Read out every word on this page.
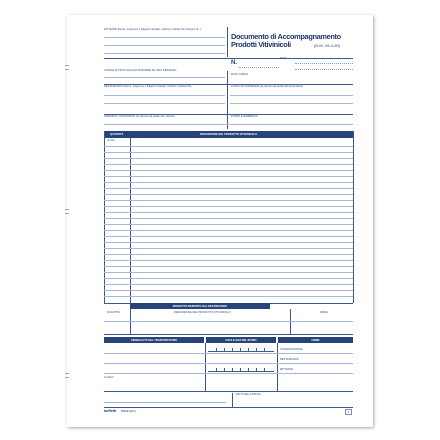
MITTENTE (Nome, Cognome o Ragione Sociale, Indirizzo, Partita IVA, Numero di...)
Documento di Accompagnamento
Prodotti Vitivinicoli	(D.M. 19-4-90)
N.
DATA
CODICE DI TIPOLOGIA (DA SCRIVERE SE VINO INDIGENA)
DATA CARICO
DESTINATARIO (Nome, Cognome o Ragione Sociale, Indirizzo, Partita IVA)	LUOGO DI CONSEGNA (se diverso da quello del destinatario)
INDIRIZZO / TRASPORTO (se diverso da quello del mittente)	PORTO DI EIMBARCO
QUANTITÀ	DESCRIZIONE DEL PRODOTTO VITIVINICOLO
(in litri)
PRODOTTO RESPINTO DAL DESTINATARIO
QUANTITÀ	DESCRIZIONE DEL PRODOTTO VITIVINICOLO	FIRMA
GENERALITÀ DEL TRASPORTATORE	DATA E ORA DEL RITIRO	FIRME
TRASPORTATORE
DESTINATARIO
MITTENTE
LUOGO
VISTO DELL'UFFICIO
buffetti 8802E1000 L	1
